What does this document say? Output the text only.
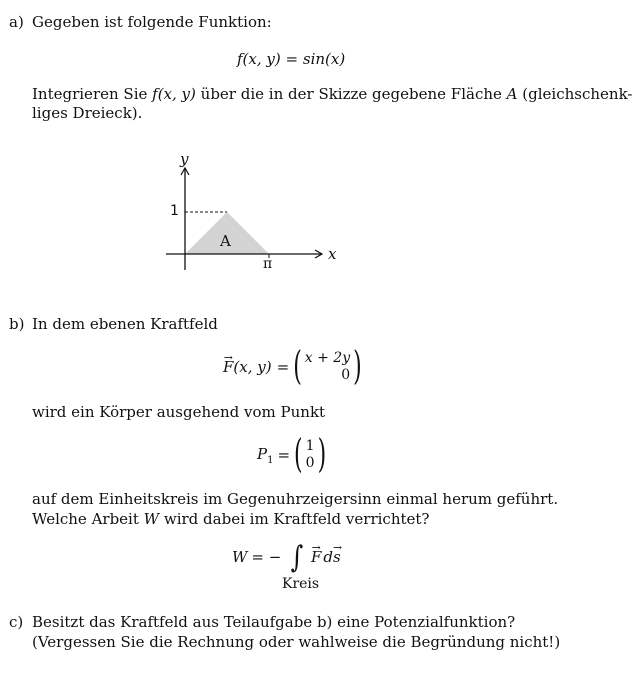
a) Gegeben ist folgende Funktion:
f(x, y) = sin(x)
Integrieren Sie f(x, y) über die in der Skizze gegebene Fläche A (gleichschenk-
liges Dreieck).
y
x
1
π
A
b) In dem ebenen Kraftfeld
→ F (x, y) = ( x + 2y
0 )
wird ein Körper ausgehend vom Punkt
$P_1$ = ( 1
0 )
auf dem Einheitskreis im Gegenuhrzeigersinn einmal herum geführt.
Welche Arbeit W wird dabei im Kraftfeld verrichtet?
W = − ∫ → F d → s
Kreis
c) Besitzt das Kraftfeld aus Teilaufgabe b) eine Potenzialfunktion?
(Vergessen Sie die Rechnung oder wahlweise die Begründung nicht!)
